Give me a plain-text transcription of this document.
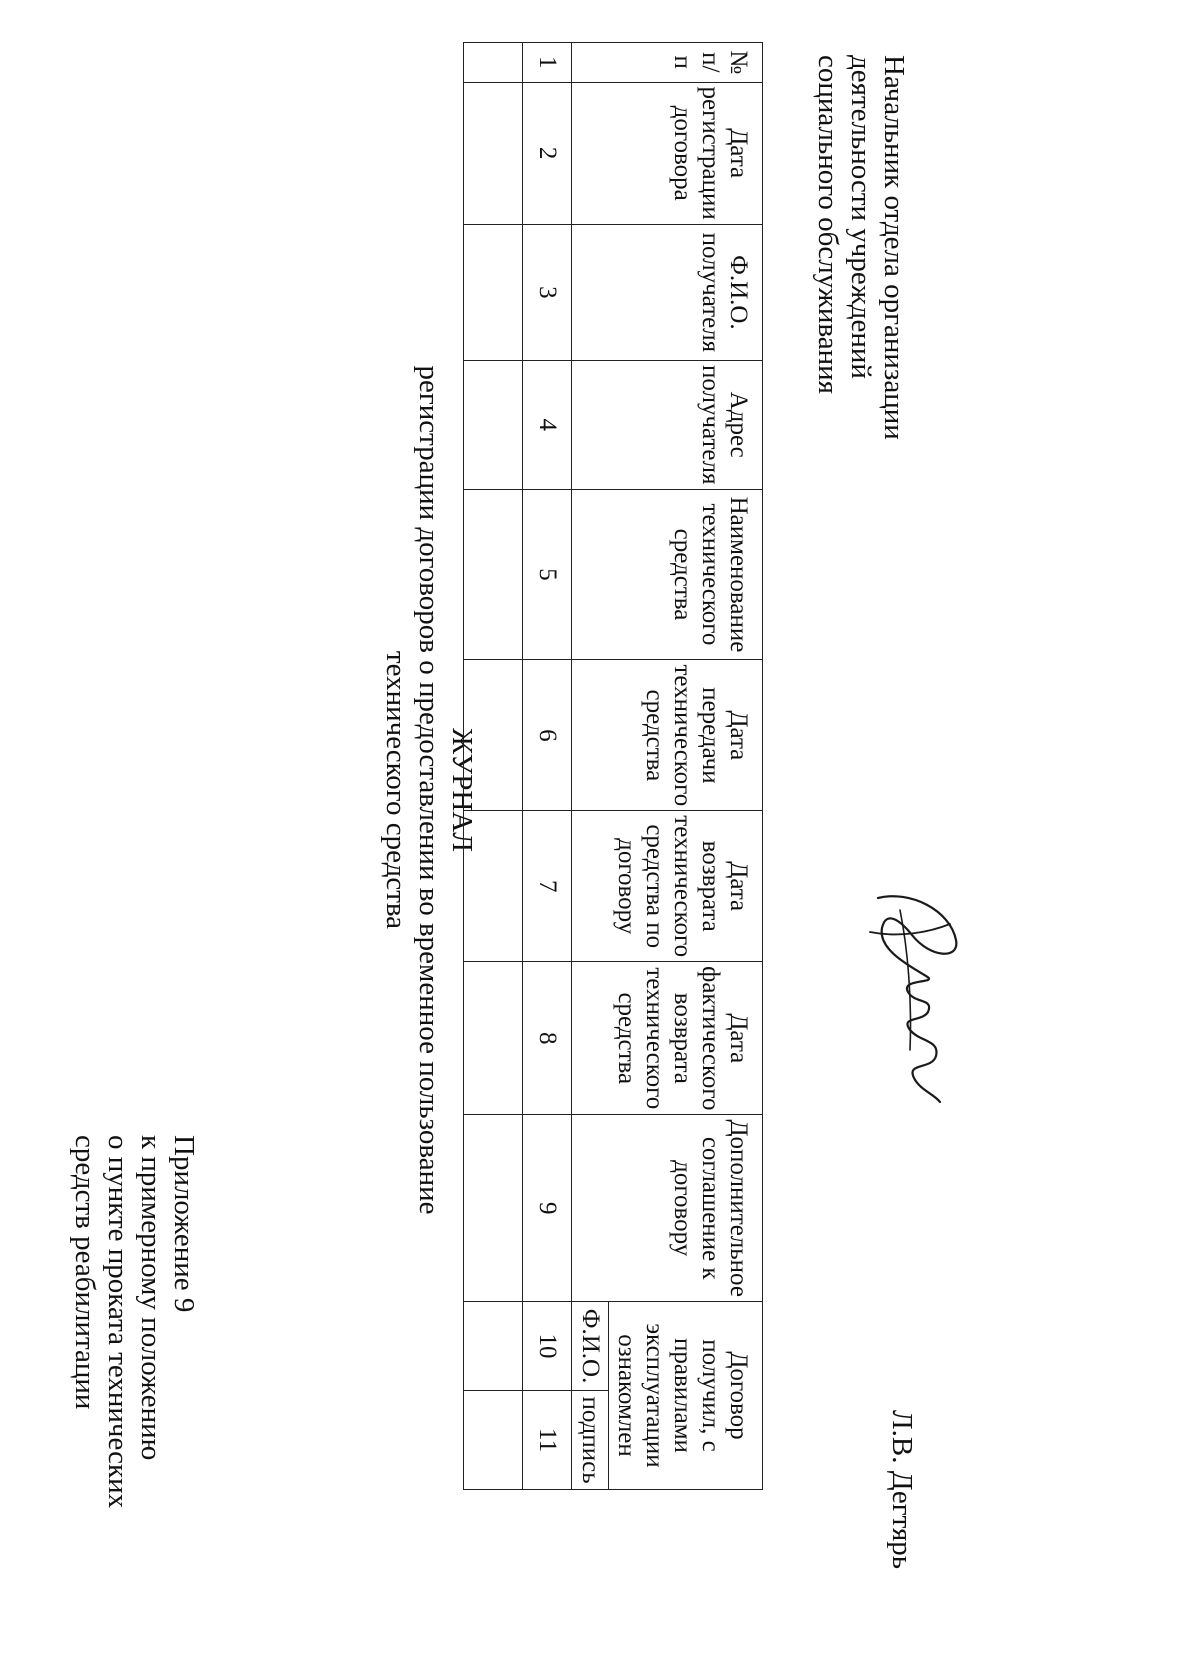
Приложение 9
к примерному положению
о пункте проката технических
средств реабилитации
ЖУРНАЛ
регистрации договоров о предоставлении во временное пользование
технического средства
№ п/п	Дата регистрации договора	Ф.И.О. получателя	Адрес получателя	Наименование технического средства	Дата передачи технического средства	Дата возврата технического средства по договору	Дата фактического возврата технического средства	Дополнительное соглашение к договору	Договор получил, с правилами эксплуатации ознакомлен	
									Ф.И.О.	подпись
1	2	3	4	5	6	7	8	9	10	11

Начальник отдела организации
деятельности учреждений
социального обслуживания
Л.В. Дегтярь
